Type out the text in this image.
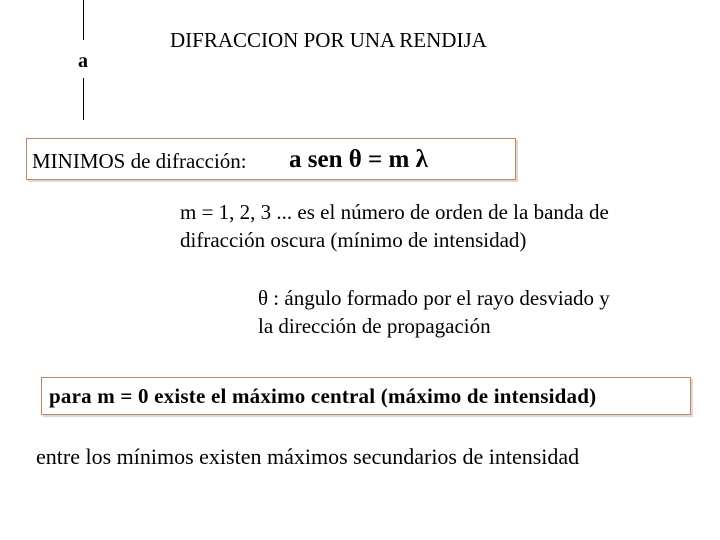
a
DIFRACCION POR UNA RENDIJA
MINIMOS de difracción: a sen θ = m λ
m = 1, 2, 3 ... es el número de orden de la banda de
difracción oscura (mínimo de intensidad)
θ : ángulo formado por el rayo desviado y
la dirección de propagación
para m = 0 existe el máximo central (máximo de intensidad)
entre los mínimos existen máximos secundarios de intensidad
